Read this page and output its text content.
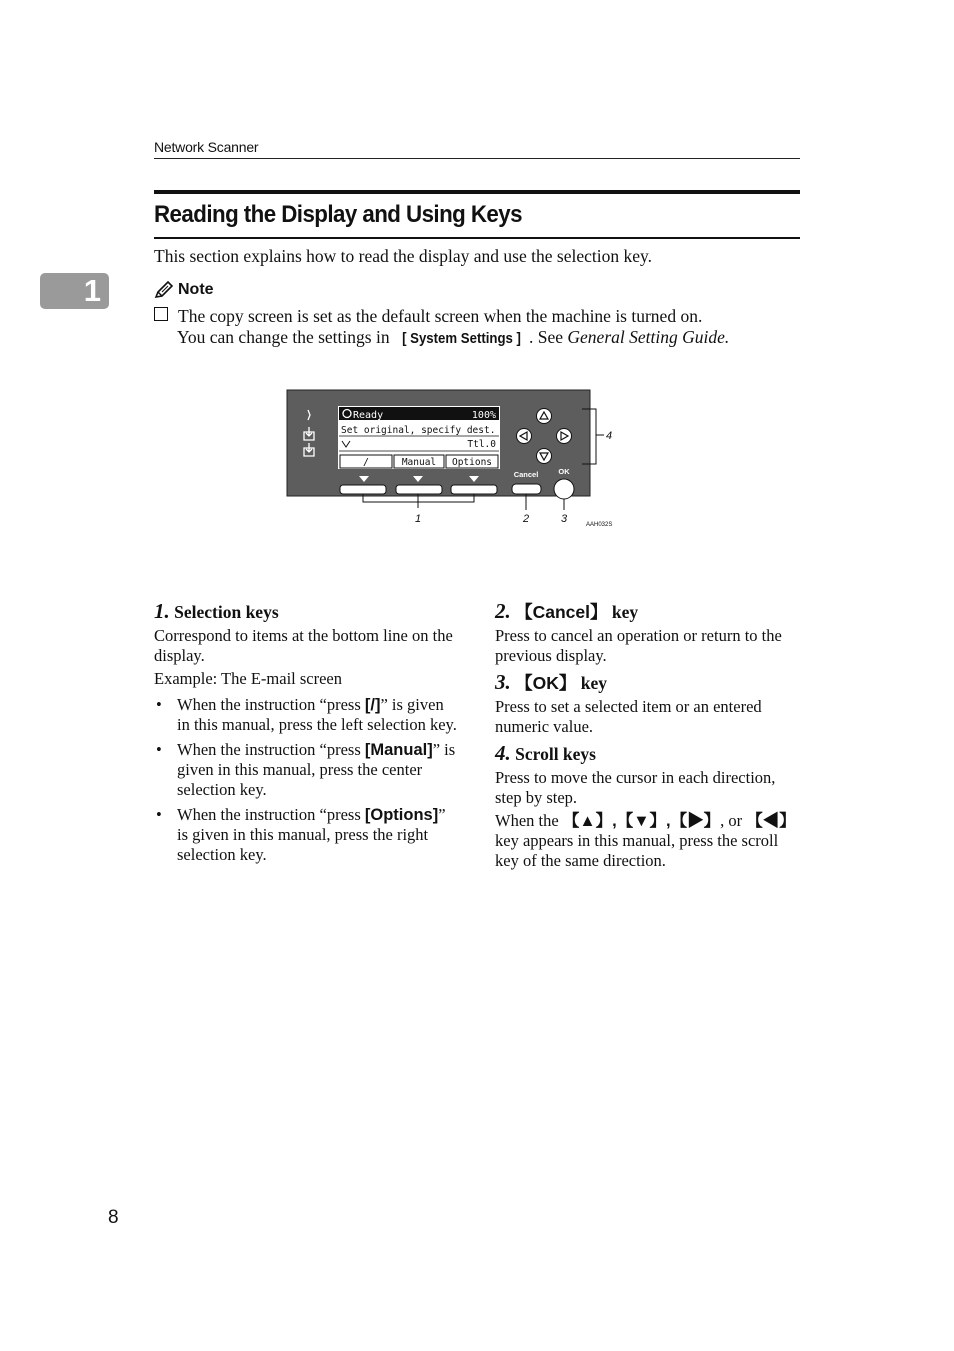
Network Scanner
1
Reading the Display and Using Keys
This section explains how to read the display and use the selection key.
Note
The copy screen is set as the default screen when the machine is turned on.
You can change the settings in [ System Settings ] . See General Setting Guide.
Ready	100%
Set original, specify dest.
Ttl.0
/	Manual Options
Cancel	OK
4
1	2	3	AAH032S
1. Selection keys

Correspond to items at the bottom line on the display.

Example: The E-mail screen

• When the instruction “press [/]” is given in this manual, press the left selection key.
• When the instruction “press [Manual]” is given in this manual, press the center selection key.
• When the instruction “press [Options]” is given in this manual, press the right selection key.
2. 【Cancel】 key

Press to cancel an operation or return to the previous display.

3. 【OK】 key

Press to set a selected item or an entered numeric value.

4. Scroll keys

Press to move the cursor in each direction, step by step.

When the 【▲】,【▼】,【▶】, or 【◀】 key appears in this manual, press the scroll key of the same direction.

8
